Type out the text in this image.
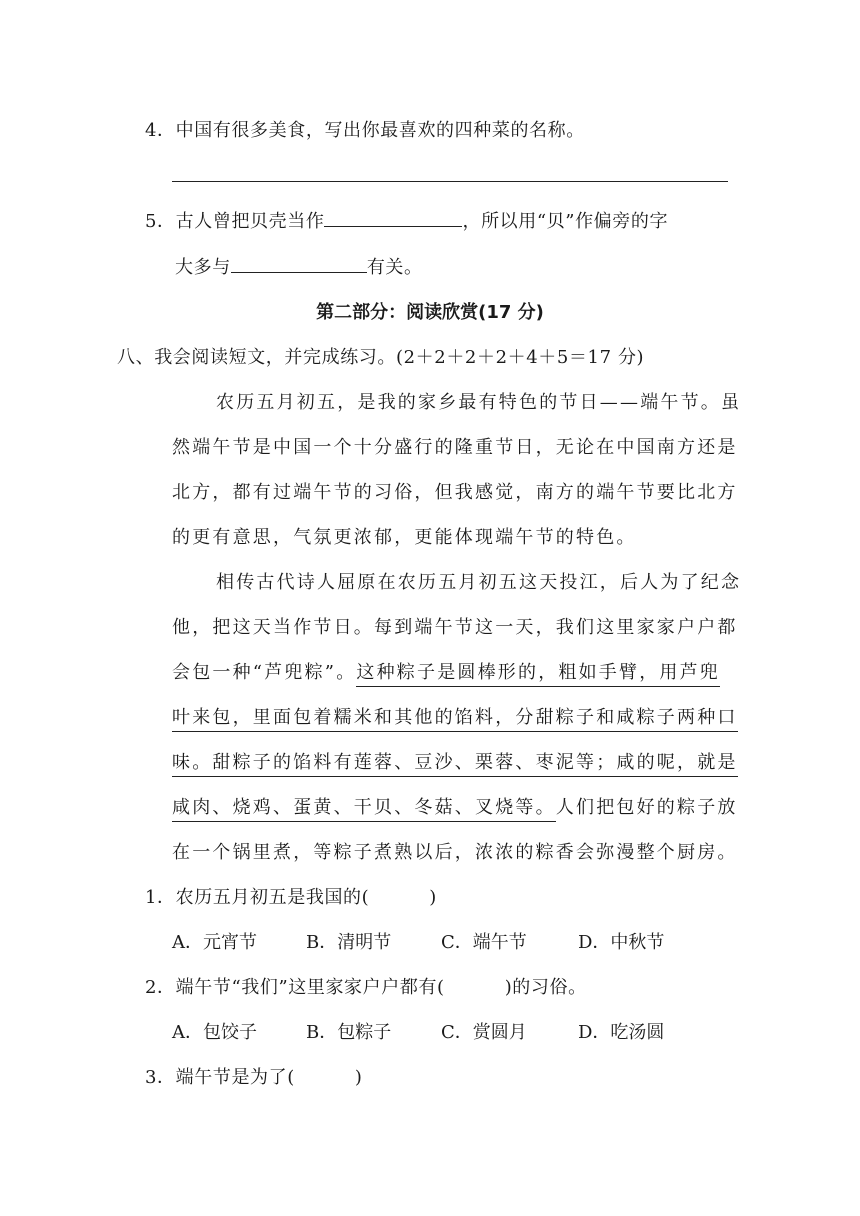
4．中国有很多美食，写出你最喜欢的四种菜的名称。
5．古人曾把贝壳当作	，所以用“贝”作偏旁的字
大多与	有关。
第二部分：阅读欣赏(17 分)
八、我会阅读短文，并完成练习。(2＋2＋2＋2＋4＋5＝17 分)
农历五月初五，是我的家乡最有特色的节日——端午节。虽
然端午节是中国一个十分盛行的隆重节日，无论在中国南方还是
北方，都有过端午节的习俗，但我感觉，南方的端午节要比北方
的更有意思，气氛更浓郁，更能体现端午节的特色。
相传古代诗人屈原在农历五月初五这天投江，后人为了纪念
他，把这天当作节日。每到端午节这一天，我们这里家家户户都
会包一种“芦兜粽”。这种粽子是圆棒形的，粗如手臂，用芦兜
叶来包，里面包着糯米和其他的馅料，分甜粽子和咸粽子两种口
味。甜粽子的馅料有莲蓉、豆沙、栗蓉、枣泥等；咸的呢，就是
咸肉、烧鸡、蛋黄、干贝、冬菇、叉烧等。人们把包好的粽子放
在一个锅里煮，等粽子煮熟以后，浓浓的粽香会弥漫整个厨房。
1．农历五月初五是我国的(	)
A．元宵节	B．清明节	C．端午节	D．中秋节
2．端午节“我们”这里家家户户都有(	)的习俗。
A．包饺子	B．包粽子	C．赏圆月	D．吃汤圆
3．端午节是为了(	)
